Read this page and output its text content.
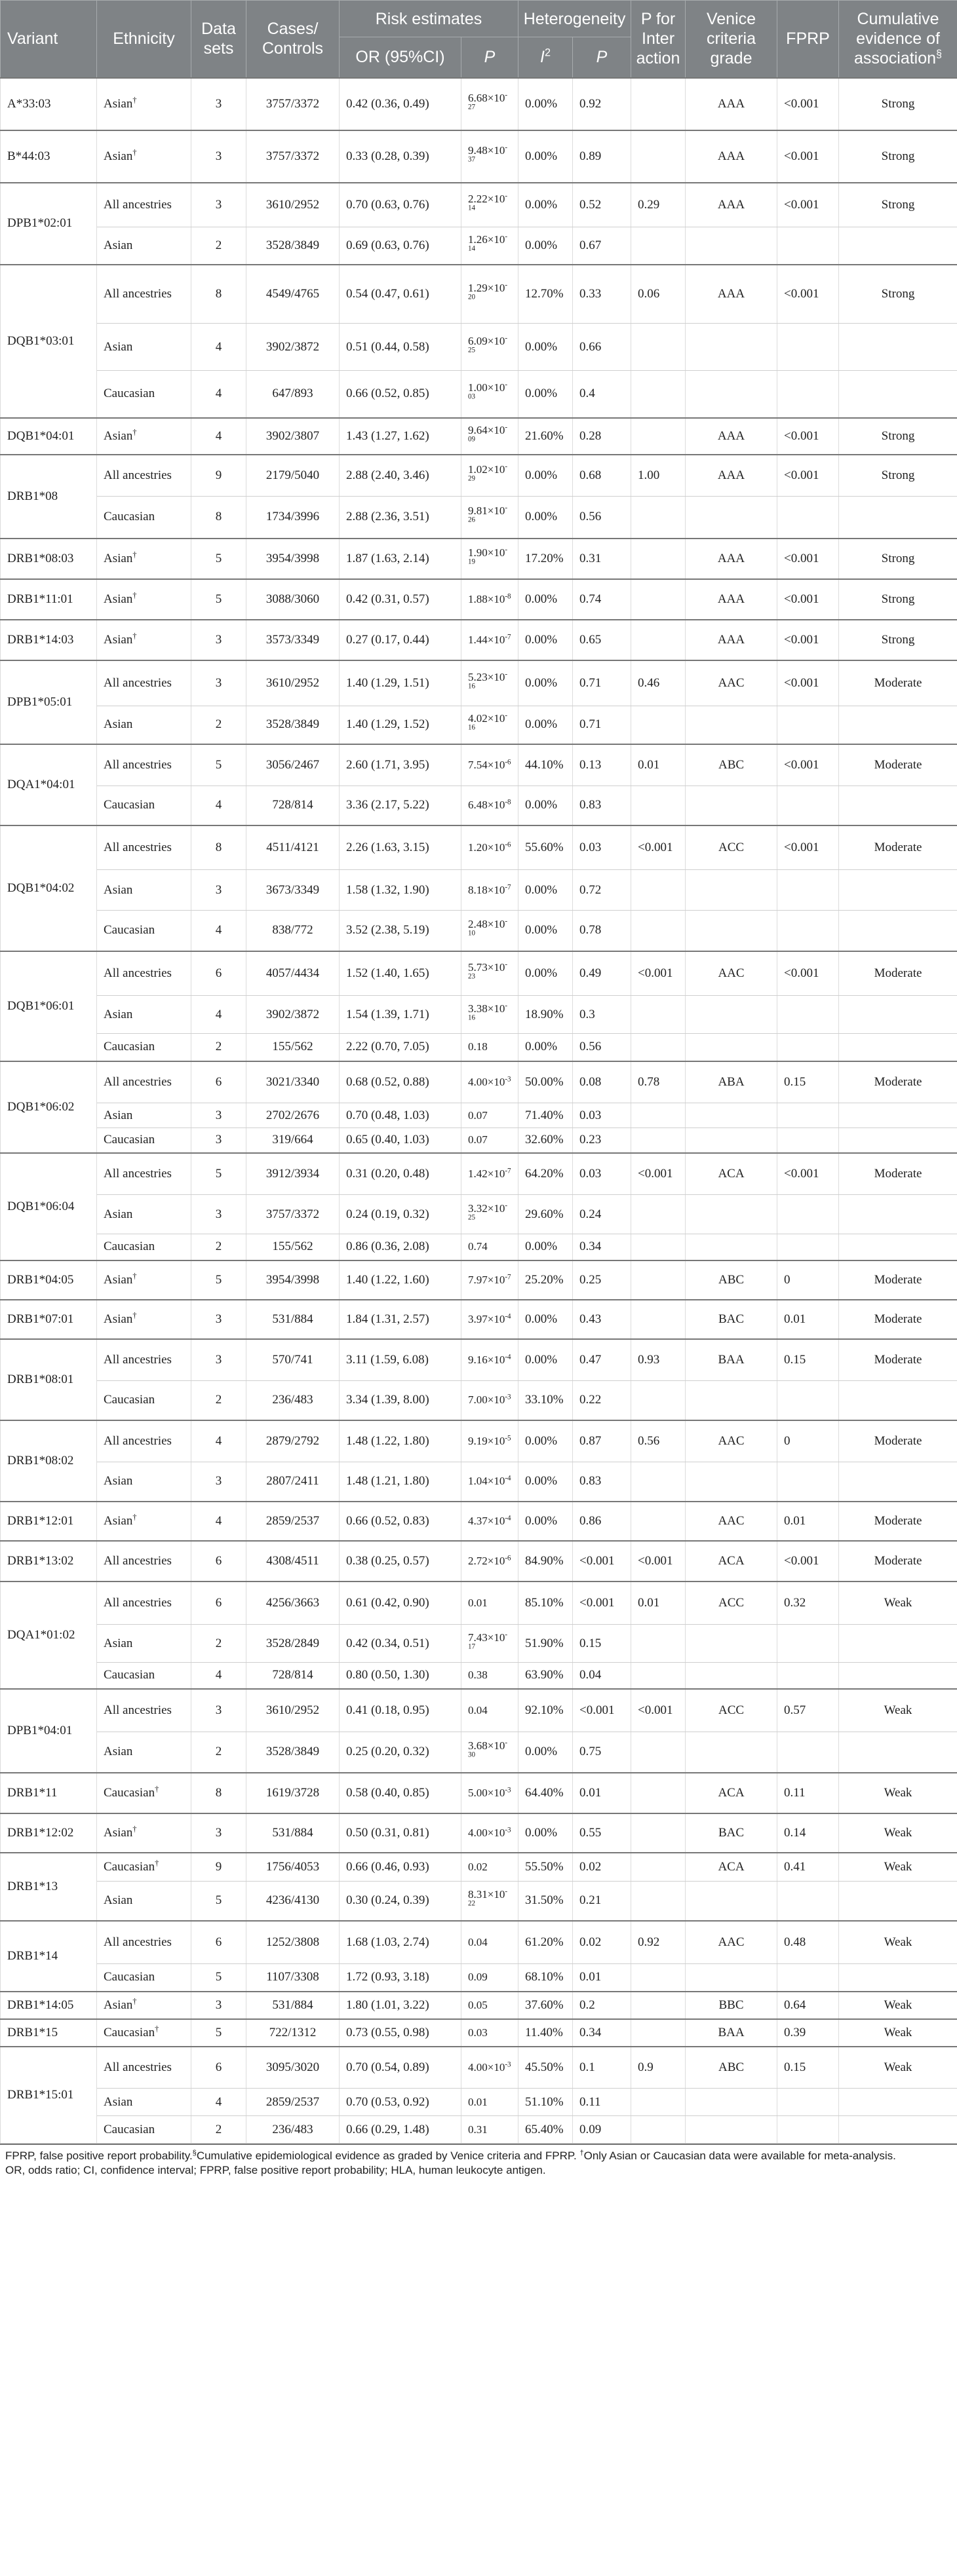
Variant	Ethnicity	Data sets	Cases/ Controls	Risk estimates		Heterogeneity		P for Inter action	Venice criteria grade	FPRP	Cumulative evidence of association§
				OR (95%CI)	P	$I^2$	P				
A*33:03	Asian†	3	3757/3372	0.42 (0.36, 0.49)	$6.68\times 10^{-27}$	0.00%	0.92		AAA	<0.001	Strong
B*44:03	Asian†	3	3757/3372	0.33 (0.28, 0.39)	$9.48\times 10^{-37}$	0.00%	0.89		AAA	<0.001	Strong
DPB1*02:01	All ancestries	3	3610/2952	0.70 (0.63, 0.76)	$2.22\times 10^{-14}$	0.00%	0.52	0.29	AAA	<0.001	Strong
	Asian	2	3528/3849	0.69 (0.63, 0.76)	$1.26\times 10^{-14}$	0.00%	0.67				
DQB1*03:01	All ancestries	8	4549/4765	0.54 (0.47, 0.61)	$1.29\times 10^{-20}$	12.70%	0.33	0.06	AAA	<0.001	Strong
	Asian	4	3902/3872	0.51 (0.44, 0.58)	$6.09\times 10^{-25}$	0.00%	0.66				
	Caucasian	4	647/893	0.66 (0.52, 0.85)	$1.00\times 10^{-03}$	0.00%	0.4				
DQB1*04:01	Asian†	4	3902/3807	1.43 (1.27, 1.62)	$9.64\times 10^{-09}$	21.60%	0.28		AAA	<0.001	Strong
DRB1*08	All ancestries	9	2179/5040	2.88 (2.40, 3.46)	$1.02\times 10^{-29}$	0.00%	0.68	1.00	AAA	<0.001	Strong
	Caucasian	8	1734/3996	2.88 (2.36, 3.51)	$9.81\times 10^{-26}$	0.00%	0.56				
DRB1*08:03	Asian†	5	3954/3998	1.87 (1.63, 2.14)	$1.90\times 10^{-19}$	17.20%	0.31		AAA	<0.001	Strong
DRB1*11:01	Asian†	5	3088/3060	0.42 (0.31, 0.57)	$1.88\times 10^{-8}$	0.00%	0.74		AAA	<0.001	Strong
DRB1*14:03	Asian†	3	3573/3349	0.27 (0.17, 0.44)	$1.44\times 10^{-7}$	0.00%	0.65		AAA	<0.001	Strong
DPB1*05:01	All ancestries	3	3610/2952	1.40 (1.29, 1.51)	$5.23\times 10^{-16}$	0.00%	0.71	0.46	AAC	<0.001	Moderate
	Asian	2	3528/3849	1.40 (1.29, 1.52)	$4.02\times 10^{-16}$	0.00%	0.71				
DQA1*04:01	All ancestries	5	3056/2467	2.60 (1.71, 3.95)	$7.54\times 10^{-6}$	44.10%	0.13	0.01	ABC	<0.001	Moderate
	Caucasian	4	728/814	3.36 (2.17, 5.22)	$6.48\times 10^{-8}$	0.00%	0.83				
DQB1*04:02	All ancestries	8	4511/4121	2.26 (1.63, 3.15)	$1.20\times 10^{-6}$	55.60%	0.03	<0.001	ACC	<0.001	Moderate
	Asian	3	3673/3349	1.58 (1.32, 1.90)	$8.18\times 10^{-7}$	0.00%	0.72				
	Caucasian	4	838/772	3.52 (2.38, 5.19)	$2.48\times 10^{-10}$	0.00%	0.78				
DQB1*06:01	All ancestries	6	4057/4434	1.52 (1.40, 1.65)	$5.73\times 10^{-23}$	0.00%	0.49	<0.001	AAC	<0.001	Moderate
	Asian	4	3902/3872	1.54 (1.39, 1.71)	$3.38\times 10^{-16}$	18.90%	0.3				
	Caucasian	2	155/562	2.22 (0.70, 7.05)	0.18	0.00%	0.56				
DQB1*06:02	All ancestries	6	3021/3340	0.68 (0.52, 0.88)	$4.00\times 10^{-3}$	50.00%	0.08	0.78	ABA	0.15	Moderate
	Asian	3	2702/2676	0.70 (0.48, 1.03)	0.07	71.40%	0.03				
	Caucasian	3	319/664	0.65 (0.40, 1.03)	0.07	32.60%	0.23				
DQB1*06:04	All ancestries	5	3912/3934	0.31 (0.20, 0.48)	$1.42\times 10^{-7}$	64.20%	0.03	<0.001	ACA	<0.001	Moderate
	Asian	3	3757/3372	0.24 (0.19, 0.32)	$3.32\times 10^{-25}$	29.60%	0.24				
	Caucasian	2	155/562	0.86 (0.36, 2.08)	0.74	0.00%	0.34				
DRB1*04:05	Asian†	5	3954/3998	1.40 (1.22, 1.60)	$7.97\times 10^{-7}$	25.20%	0.25		ABC	0	Moderate
DRB1*07:01	Asian†	3	531/884	1.84 (1.31, 2.57)	$3.97\times 10^{-4}$	0.00%	0.43		BAC	0.01	Moderate
DRB1*08:01	All ancestries	3	570/741	3.11 (1.59, 6.08)	$9.16\times 10^{-4}$	0.00%	0.47	0.93	BAA	0.15	Moderate
	Caucasian	2	236/483	3.34 (1.39, 8.00)	$7.00\times 10^{-3}$	33.10%	0.22				
DRB1*08:02	All ancestries	4	2879/2792	1.48 (1.22, 1.80)	$9.19\times 10^{-5}$	0.00%	0.87	0.56	AAC	0	Moderate
	Asian	3	2807/2411	1.48 (1.21, 1.80)	$1.04\times 10^{-4}$	0.00%	0.83				
DRB1*12:01	Asian†	4	2859/2537	0.66 (0.52, 0.83)	$4.37\times 10^{-4}$	0.00%	0.86		AAC	0.01	Moderate
DRB1*13:02	All ancestries	6	4308/4511	0.38 (0.25, 0.57)	$2.72\times 10^{-6}$	84.90%	<0.001	<0.001	ACA	<0.001	Moderate
DQA1*01:02	All ancestries	6	4256/3663	0.61 (0.42, 0.90)	0.01	85.10%	<0.001	0.01	ACC	0.32	Weak
	Asian	2	3528/2849	0.42 (0.34, 0.51)	$7.43\times 10^{-17}$	51.90%	0.15				
	Caucasian	4	728/814	0.80 (0.50, 1.30)	0.38	63.90%	0.04				
DPB1*04:01	All ancestries	3	3610/2952	0.41 (0.18, 0.95)	0.04	92.10%	<0.001	<0.001	ACC	0.57	Weak
	Asian	2	3528/3849	0.25 (0.20, 0.32)	$3.68\times 10^{-30}$	0.00%	0.75				
DRB1*11	Caucasian†	8	1619/3728	0.58 (0.40, 0.85)	$5.00\times 10^{-3}$	64.40%	0.01		ACA	0.11	Weak
DRB1*12:02	Asian†	3	531/884	0.50 (0.31, 0.81)	$4.00\times 10^{-3}$	0.00%	0.55		BAC	0.14	Weak
DRB1*13	Caucasian†	9	1756/4053	0.66 (0.46, 0.93)	0.02	55.50%	0.02		ACA	0.41	Weak
	Asian	5	4236/4130	0.30 (0.24, 0.39)	$8.31\times 10^{-22}$	31.50%	0.21				
DRB1*14	All ancestries	6	1252/3808	1.68 (1.03, 2.74)	0.04	61.20%	0.02	0.92	AAC	0.48	Weak
	Caucasian	5	1107/3308	1.72 (0.93, 3.18)	0.09	68.10%	0.01				
DRB1*14:05	Asian†	3	531/884	1.80 (1.01, 3.22)	0.05	37.60%	0.2		BBC	0.64	Weak
DRB1*15	Caucasian†	5	722/1312	0.73 (0.55, 0.98)	0.03	11.40%	0.34		BAA	0.39	Weak
DRB1*15:01	All ancestries	6	3095/3020	0.70 (0.54, 0.89)	$4.00\times 10^{-3}$	45.50%	0.1	0.9	ABC	0.15	Weak
	Asian	4	2859/2537	0.70 (0.53, 0.92)	0.01	51.10%	0.11				
	Caucasian	2	236/483	0.66 (0.29, 1.48)	0.31	65.40%	0.09				

FPRP, false positive report probability.§Cumulative epidemiological evidence as graded by Venice criteria and FPRP. †Only Asian or Caucasian data were available for meta-analysis.

OR, odds ratio; CI, confidence interval; FPRP, false positive report probability; HLA, human leukocyte antigen.
